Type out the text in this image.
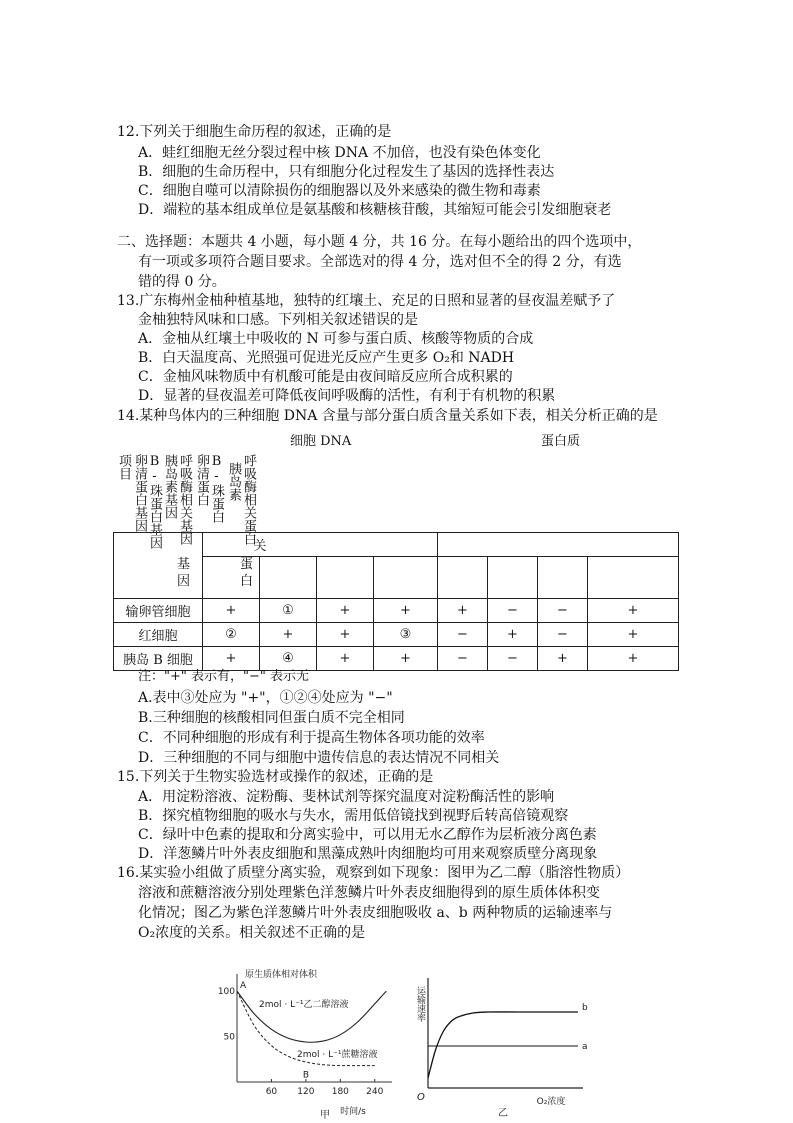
12.下列关于细胞生命历程的叙述，正确的是
A．蛙红细胞无丝分裂过程中核 DNA 不加倍，也没有染色体变化
B．细胞的生命历程中，只有细胞分化过程发生了基因的选择性表达
C．细胞自噬可以清除损伤的细胞器以及外来感染的微生物和毒素
D．端粒的基本组成单位是氨基酸和核糖核苷酸，其缩短可能会引发细胞衰老
二、选择题：本题共 4 小题，每小题 4 分，共 16 分。在每小题给出的四个选项中，
有一项或多项符合题目要求。全部选对的得 4 分，选对但不全的得 2 分，有选
错的得 0 分。
13.广东梅州金柚种植基地，独特的红壤土、充足的日照和显著的昼夜温差赋予了
金柚独特风味和口感。下列相关叙述错误的是
A．金柚从红壤土中吸收的 N 可参与蛋白质、核酸等物质的合成
B．白天温度高、光照强可促进光反应产生更多 O₂和 NADH
C．金柚风味物质中有机酸可能是由夜间暗反应所合成积累的
D．显著的昼夜温差可降低夜间呼吸酶的活性，有利于有机物的积累
14.某种鸟体内的三种细胞 DNA 含量与部分蛋白质含量关系如下表，相关分析正确的是
细胞 DNA	蛋白质
项目 卵清蛋白基因 B-珠蛋白基因 胰岛素基因 呼吸酶相关基因 卵清蛋白 B-珠蛋白 胰岛素 呼吸酶相关蛋白
	关							

输卵管细胞	+	①	+	+	+	−	−	+
红细胞	②	+	+	③	−	+	−	+
胰岛 B 细胞	+	④	+	+	−	−	+	+
基
因
蛋
白
注："+" 表示有，"−" 表示无
A.表中③处应为 "+"，①②④处应为 "−"
B.三种细胞的核酸相同但蛋白质不完全相同
C．不同种细胞的形成有利于提高生物体各项功能的效率
D．三种细胞的不同与细胞中遗传信息的表达情况不同相关
15.下列关于生物实验选材或操作的叙述，正确的是
A．用淀粉溶液、淀粉酶、斐林试剂等探究温度对淀粉酶活性的影响
B．探究植物细胞的吸水与失水，需用低倍镜找到视野后转高倍镜观察
C．绿叶中色素的提取和分离实验中，可以用无水乙醇作为层析液分离色素
D．洋葱鳞片叶外表皮细胞和黑藻成熟叶肉细胞均可用来观察质壁分离现象
16.某实验小组做了质壁分离实验，观察到如下现象：图甲为乙二醇（脂溶性物质）
溶液和蔗糖溶液分别处理紫色洋葱鳞片叶外表皮细胞得到的原生质体体积变
化情况；图乙为紫色洋葱鳞片叶外表皮细胞吸收 a、b 两种物质的运输速率与
O₂浓度的关系。相关叙述不正确的是
原生质体相对体积
时间/s
60 120 180 240
100
50
2mol · L⁻¹乙二醇溶液
2mol · L⁻¹蔗糖溶液
A
B
甲
运输速率
O₂浓度
O
b
a
乙
